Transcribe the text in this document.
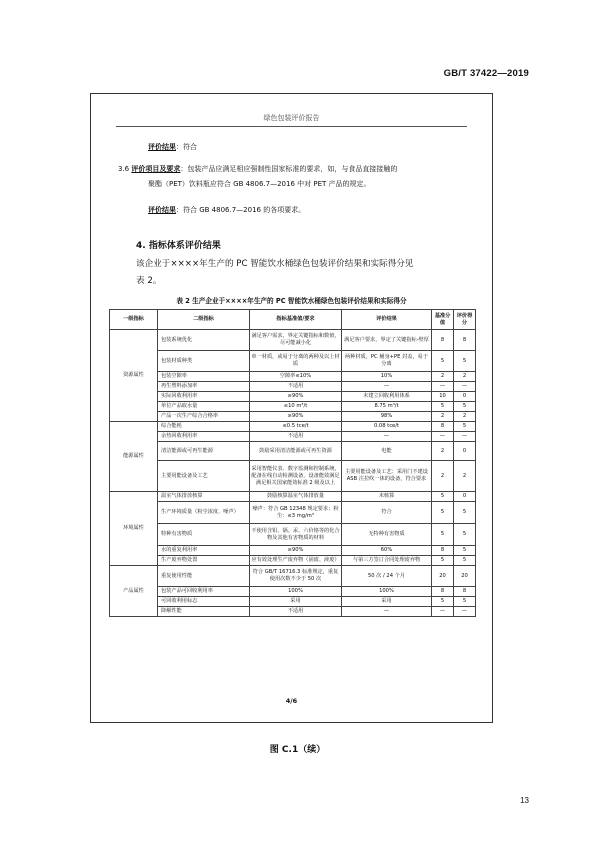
GB/T 37422—2019
绿色包装评价报告
评价结果：符合
3.6 评价项目及要求：包装产品应满足相应强制性国家标准的要求，如，与食品直接接触的
聚酯（PET）饮料瓶应符合 GB 4806.7—2016 中对 PET 产品的规定。
评价结果：符合 GB 4806.7—2016 的各项要求。
4. 指标体系评价结果
该企业于××××年生产的 PC 智能饮水桶绿色包装评价结果和实际得分见
表 2。
表 2 生产企业于××××年生产的 PC 智能饮水桶绿色包装评价结果和实际得分
一级指标	二级指标	指标基准值/要求	评价结果	基准分值	评价得分
资源属性	包装系统优化	满足客户需求，界定关键指标和数值，尽可能减小化	满足客户要求，界定了关键指标-壁厚	8	8
	包装材质种类	单一材质，或易于分离的两种及以上材质	两种材质，PC 桶身+PE 封盖，易于分离	5	5
	包装空隙率	空隙率≤10%	10%	2	2
	再生塑料添加率	不适用	—	—	—
	实际回收利用率	≥90%	未建立回收利用体系	10	0
	单位产品取水量	≤10 m³/t	8.75 m³/t	5	5
	产品一次生产综合合格率	≥90%	98%	2	2
能源属性	综合能耗	≤0.5 tce/t	0.08 tce/t	8	5
	余热回收利用率	不适用	—	—	—
	清洁能源或可再生能源	鼓励采用清洁能源或可再生资源	电能	2	0
	主要用能设备及工艺	采用智能仪表、数字监测和控制系统，配备在线自动检测设备，设备能效满足满足相关国家能效标准 2 级及以上	主要用能设备及工艺：采用门不建设 ASB 注拉吹一体的设备，符合要求	2	2
环境属性	温室气体排放核算	鼓励核算温室气体排放量	未核算	5	0
	生产环境质量（粉尘浓度、噪声）	噪声：符合 GB 12348 规定要求；粉尘：≤3 mg/m³	符合	5	5
	特种有害物质	不使用含铅、镉、汞、六价铬等的化合物及其他有害物质的材料	无特种有害物质	5	5
	水的重复利用率	≥90%	60%	8	5
	生产废弃物处置	应有效处理生产废弃物（固废、液废）	与第三方签订合同处理废弃物	5	5
产品属性	重复使用性能	符合 GB/T 16716.3 标准规定，重复使用次数不少于 50 次	50 次 / 24 个月	20	20
	包装产品可回收利用率	100%	100%	8	8
	可回收利用标志	采用	采用	5	5
	降解性能	不适用	—	—	—
4/6
图 C.1（续）
13
